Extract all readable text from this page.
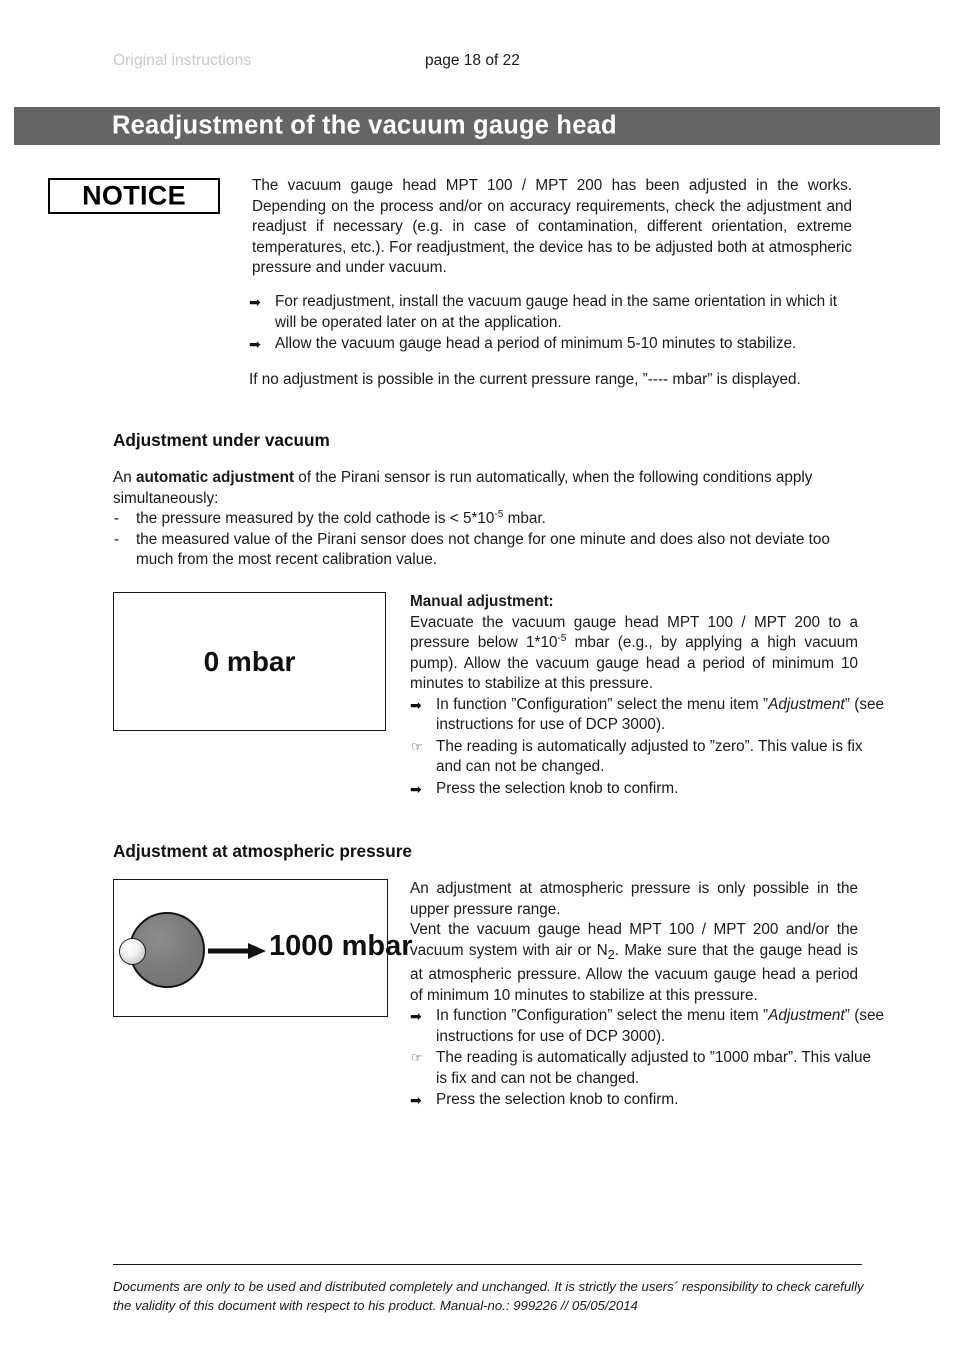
Original instructions	page 18 of 22
Readjustment of the vacuum gauge head
NOTICE	The vacuum gauge head MPT 100 / MPT 200 has been adjusted in the works. Depending on the process and/or on accuracy requirements, check the adjustment and readjust if necessary (e.g. in case of contamination, different orientation, extreme temperatures, etc.). For readjustment, the device has to be adjusted both at atmospheric pressure and under vacuum.
➡ For readjustment, install the vacuum gauge head in the same orientation in which it will be operated later on at the application.
➡ Allow the vacuum gauge head a period of minimum 5-10 minutes to stabilize.
If no adjustment is possible in the current pressure range, ”---- mbar” is displayed.
Adjustment under vacuum
An automatic adjustment of the Pirani sensor is run automatically, when the following conditions apply simultaneously:
- the pressure measured by the cold cathode is < $5*10^{-5}$ mbar.
- the measured value of the Pirani sensor does not change for one minute and does also not deviate too much from the most recent calibration value.
0 mbar
Manual adjustment:
Evacuate the vacuum gauge head MPT 100 / MPT 200 to a pressure below $1*10^{-5}$ mbar (e.g., by applying a high vacuum pump). Allow the vacuum gauge head a period of minimum 10 minutes to stabilize at this pressure.
➡ In function ”Configuration” select the menu item ”Adjustment” (see instructions for use of DCP 3000).
☞ The reading is automatically adjusted to ”zero”. This value is fix and can not be changed.
➡ Press the selection knob to confirm.
Adjustment at atmospheric pressure
1000 mbar
An adjustment at atmospheric pressure is only possible in the upper pressure range.
Vent the vacuum gauge head MPT 100 / MPT 200 and/or the vacuum system with air or $N_2$. Make sure that the gauge head is at atmospheric pressure. Allow the vacuum gauge head a period of minimum 10 minutes to stabilize at this pressure.
➡ In function ”Configuration” select the menu item ”Adjustment” (see instructions for use of DCP 3000).
☞ The reading is automatically adjusted to ”1000 mbar”. This value is fix and can not be changed.
➡ Press the selection knob to confirm.
Documents are only to be used and distributed completely and unchanged. It is strictly the users´ responsibility to check carefully the validity of this document with respect to his product. Manual-no.: 999226 // 05/05/2014
